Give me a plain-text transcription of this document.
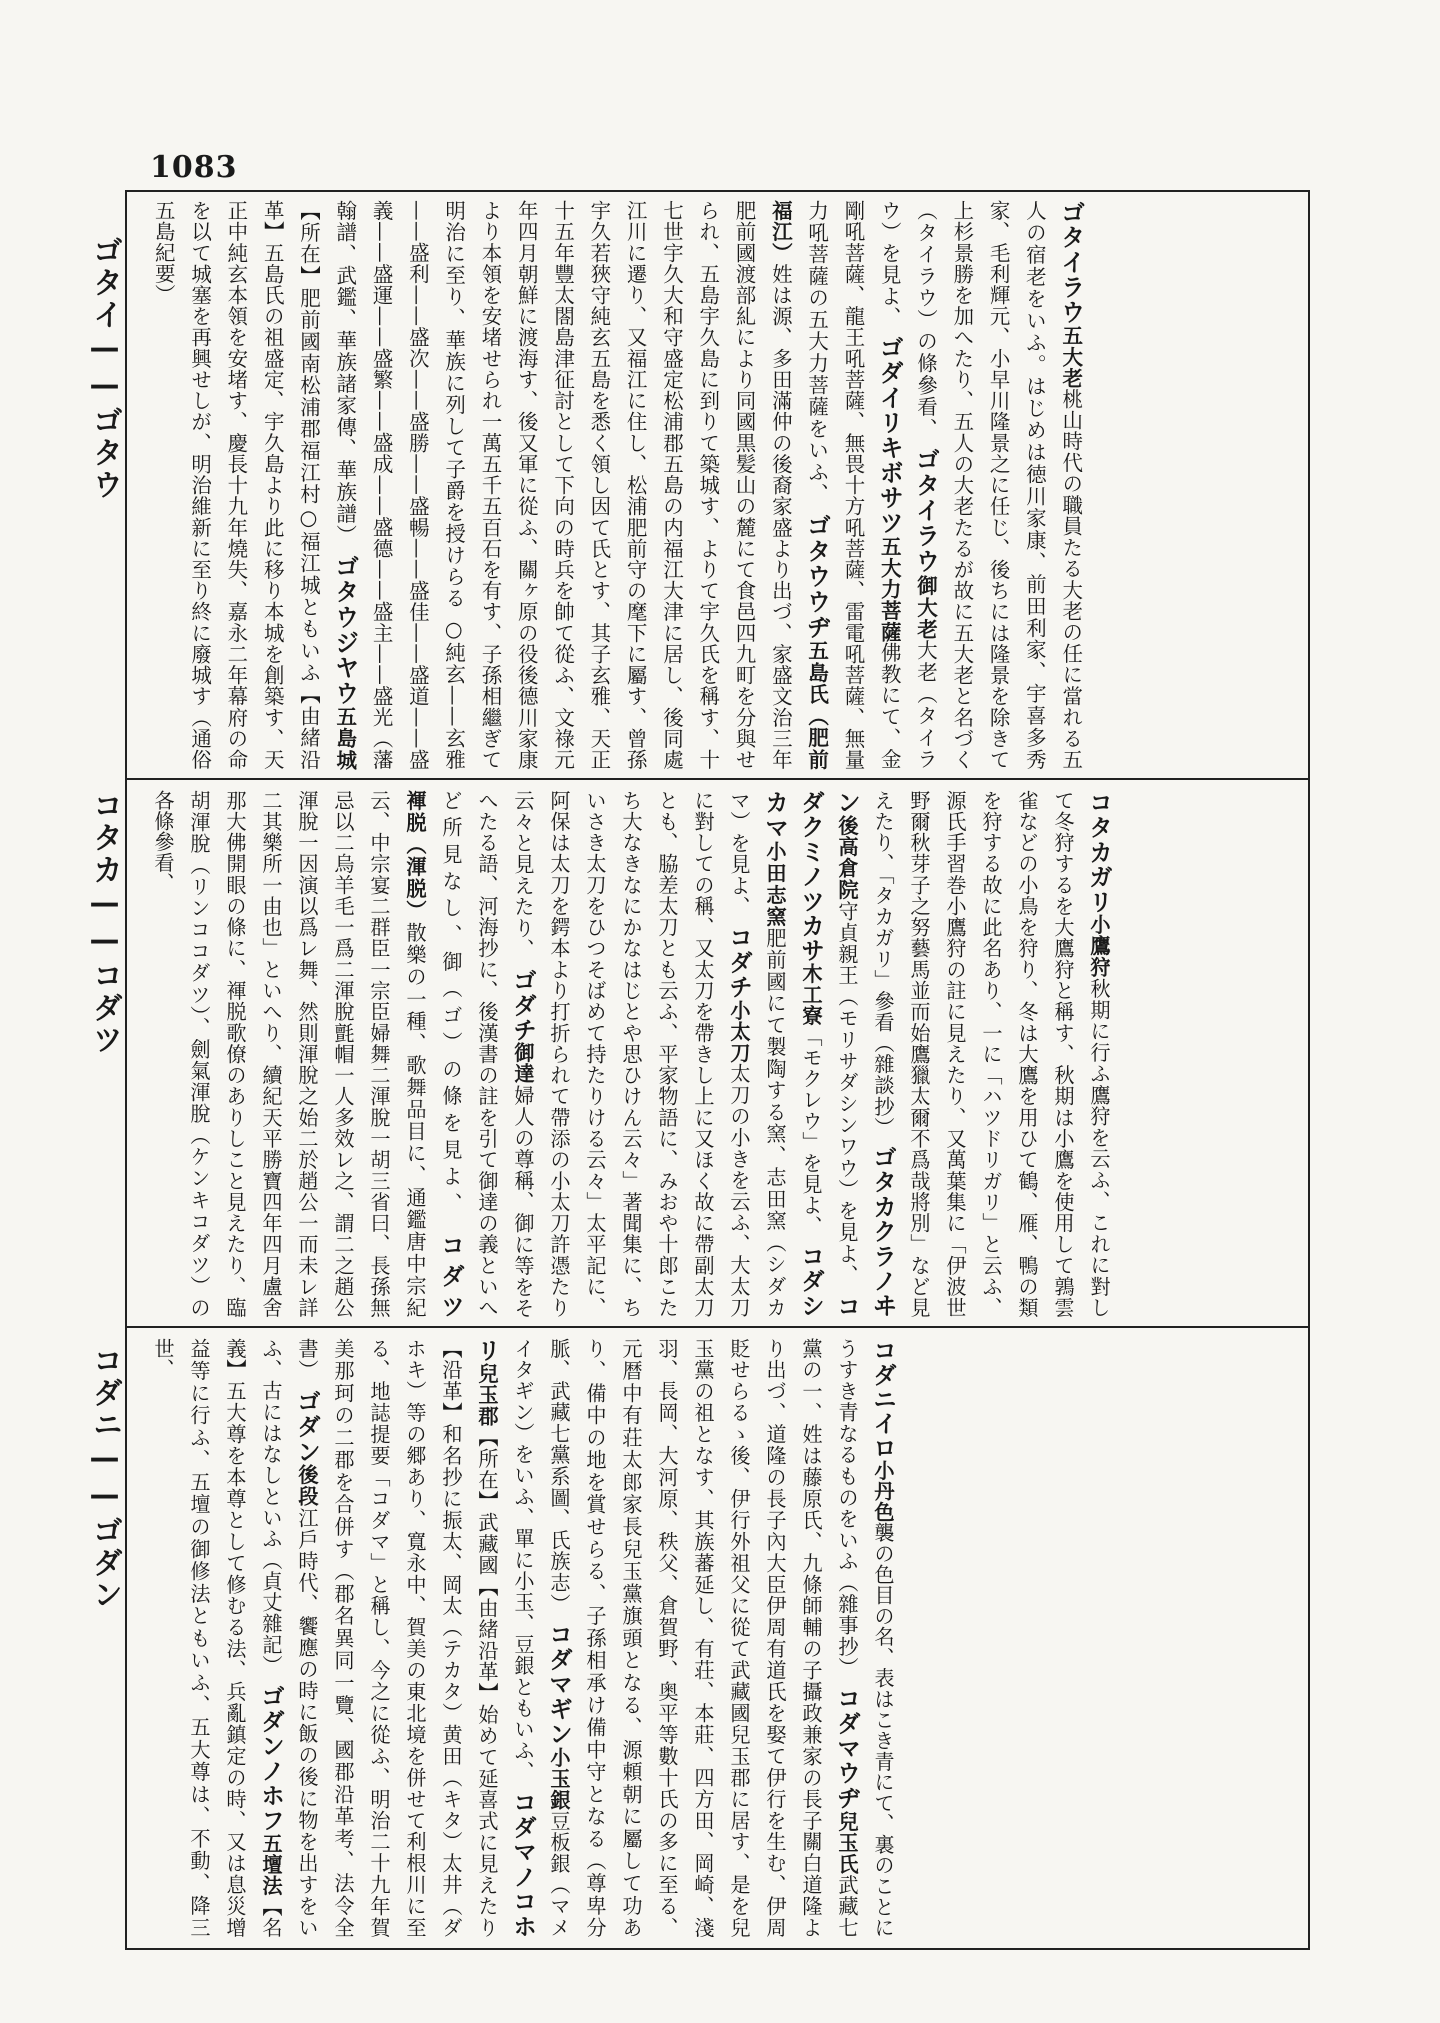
1083
ゴタイ——ゴタウ
コタカ——コダツ
コダニ——ゴダン
ゴタイラウ五大老桃山時代の職員たる大老の任に當れる五人の宿老をいふ。はじめは徳川家康、前田利家、宇喜多秀家、毛利輝元、小早川隆景之に任じ、後ちには隆景を除きて上杉景勝を加へたり、五人の大老たるが故に五大老と名づく（タイラウ）の條參看、 ゴタイラウ御大老大老（タイラウ）を見よ、 ゴダイリキボサツ五大力菩薩佛教にて、金剛吼菩薩、龍王吼菩薩、無畏十方吼菩薩、雷電吼菩薩、無量力吼菩薩の五大力菩薩をいふ、 ゴタウウヂ五島氏（肥前福江）姓は源、多田滿仲の後裔家盛より出づ、家盛文治三年肥前國渡部糺により同國黒髪山の麓にて食邑四九町を分與せられ、五島宇久島に到りて築城す、よりて宇久氏を稱す、十七世宇久大和守盛定松浦郡五島の内福江大津に居し、後同處江川に遷り、又福江に住し、松浦肥前守の麾下に屬す、曾孫宇久若狹守純玄五島を悉く領し因て氏とす、其子玄雅、天正十五年豐太閤島津征討として下向の時兵を帥て從ふ、文祿元年四月朝鮮に渡海す、後又軍に從ふ、關ヶ原の役後德川家康より本領を安堵せられ一萬五千五百石を有す、子孫相繼ぎて明治に至り、華族に列して子爵を授けらる ○純玄——玄雅——盛利——盛次——盛勝——盛暢——盛佳——盛道——盛義——盛運——盛繁——盛成——盛德——盛主——盛光（藩翰譜、武鑑、華族諸家傳、華族譜） ゴタウジヤウ五島城【所在】肥前國南松浦郡福江村○福江城ともいふ【由緒沿革】五島氏の祖盛定、宇久島より此に移り本城を創築す、天正中純玄本領を安堵す、慶長十九年燒失、嘉永二年幕府の命を以て城塞を再興せしが、明治維新に至り終に廢城す（通俗五島紀要）
コタカガリ小鷹狩秋期に行ふ鷹狩を云ふ、これに對して冬狩するを大鷹狩と稱す、秋期は小鷹を使用して鶉雲雀などの小鳥を狩り、冬は大鷹を用ひて鶴、雁、鴨の類を狩する故に此名あり、一に「ハツドリガリ」と云ふ、源氏手習巻小鷹狩の註に見えたり、又萬葉集に「伊波世野爾秋芽子之努藝馬並而始鷹獵太爾不爲哉將別」など見えたり、「タカガリ」參看（雜談抄） ゴタカクラノヰン後高倉院守貞親王（モリサダシンワウ）を見よ、 コダクミノツカサ木工寮「モクレウ」を見よ、 コダシカマ小田志窯肥前國にて製陶する窯、志田窯（シダカマ）を見よ、 コダチ小太刀太刀の小きを云ふ、大太刀に對しての稱、又太刀を帶きし上に又ほく故に帶副太刀とも、脇差太刀とも云ふ、平家物語に、みおや十郎こたち大なきなにかなはじとや思ひけん云々」著聞集に、ちいさき太刀をひつそばめて持たりける云々」太平記に、阿保は太刀を鍔本より打折られて帶添の小太刀許憑たり云々と見えたり、 ゴダチ御達婦人の尊稱、御に等をそへたる語、河海抄に、後漢書の註を引て御達の義といへど所見なし、御（ゴ）の條を見よ、 コダツ褌脱（渾脱）散樂の一種、歌舞品目に、通鑑唐中宗紀云、中宗宴二群臣一宗臣婦舞二渾脫一胡三省曰、長孫無忌以二烏羊毛一爲二渾脫氈帽一人多效レ之、謂二之趙公渾脫一因演以爲レ舞、然則渾脫之始二於趙公一而未レ詳二其樂所一由也」といへり、續紀天平勝寶四年四月盧舍那大佛開眼の條に、褌脱歌僚のありしこと見えたり、臨胡渾脫（リンココダツ）、劍氣渾脫（ケンキコダツ）の各條參看、
コダニイロ小丹色襲の色目の名、表はこき青にて、裏のことにうすき青なるものをいふ（雜事抄） コダマウヂ兒玉氏武藏七黨の一、姓は藤原氏、九條師輔の子攝政兼家の長子關白道隆より出づ、道隆の長子內大臣伊周有道氏を娶て伊行を生む、伊周貶せらるゝ後、伊行外祖父に從て武藏國兒玉郡に居す、是を兒玉黨の祖となす、其族蕃延し、有荘、本莊、四方田、岡崎、淺羽、長岡、大河原、秩父、倉賀野、奥平等數十氏の多に至る、元暦中有荘太郎家長兒玉黨旗頭となる、源頼朝に屬して功あり、備中の地を賞せらる、子孫相承け備中守となる（尊卑分脈、武藏七黨系圖、氏族志） コダマギン小玉銀豆板銀（マメイタギン）をいふ、單に小玉、豆銀ともいふ、 コダマノコホリ兒玉郡【所在】武藏國【由緒沿革】始めて延喜式に見えたり【沿革】和名抄に振太、岡太（テカタ）黄田（キタ）太井（ダホキ）等の郷あり、寬永中、賀美の東北境を併せて利根川に至る、地誌提要「コダマ」と稱し、今之に從ふ、明治二十九年賀美那珂の二郡を合併す（郡名異同一覽、國郡沿革考、法令全書） ゴダン後段江戶時代、饗應の時に飯の後に物を出すをいふ、古にはなしといふ（貞丈雜記） ゴダンノホフ五壇法【名義】五大尊を本尊として修むる法、兵亂鎮定の時、又は息災增益等に行ふ、五壇の御修法ともいふ、五大尊は、不動、降三世、
